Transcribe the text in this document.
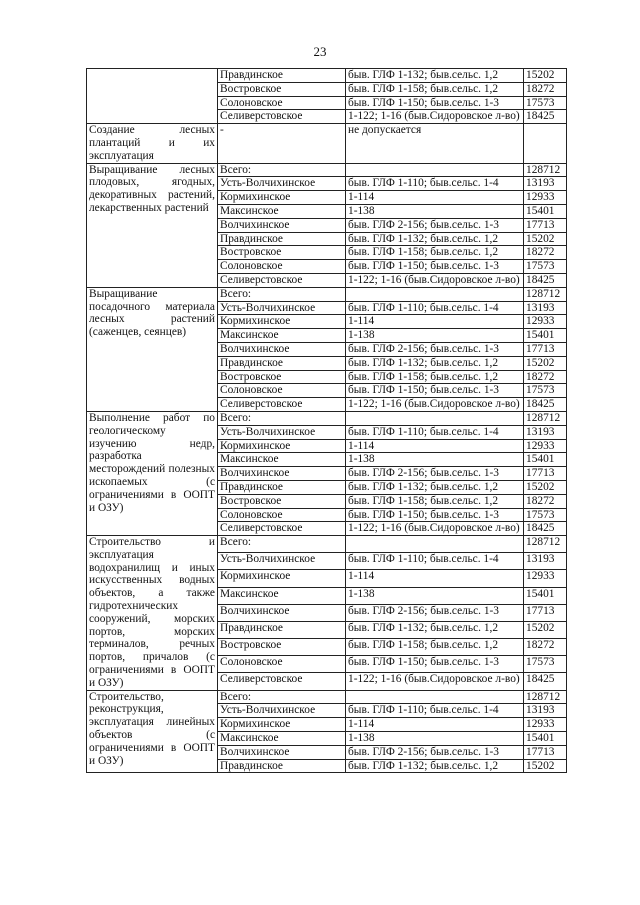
23
	Правдинское	быв. ГЛФ 1-132; быв.сельс. 1,2	15202
	Востровское	быв. ГЛФ 1-158; быв.сельс. 1,2	18272
	Солоновское	быв. ГЛФ 1-150; быв.сельс. 1-3	17573
	Селиверстовское	1-122; 1-16 (быв.Сидоровское л-во)	18425
Создание лесных плантаций и их эксплуатация	-	не допускается	
Выращивание лесных плодовых, ягодных, декоративных растений, лекарственных растений	Всего:		128712
	Усть-Волчихинское	быв. ГЛФ 1-110; быв.сельс. 1-4	13193
	Кормихинское	1-114	12933
	Максинское	1-138	15401
	Волчихинское	быв. ГЛФ 2-156; быв.сельс. 1-3	17713
	Правдинское	быв. ГЛФ 1-132; быв.сельс. 1,2	15202
	Востровское	быв. ГЛФ 1-158; быв.сельс. 1,2	18272
	Солоновское	быв. ГЛФ 1-150; быв.сельс. 1-3	17573
	Селиверстовское	1-122; 1-16 (быв.Сидоровское л-во)	18425
Выращивание посадочного материала лесных растений (саженцев, сеянцев)	Всего:		128712
	Усть-Волчихинское	быв. ГЛФ 1-110; быв.сельс. 1-4	13193
	Кормихинское	1-114	12933
	Максинское	1-138	15401
	Волчихинское	быв. ГЛФ 2-156; быв.сельс. 1-3	17713
	Правдинское	быв. ГЛФ 1-132; быв.сельс. 1,2	15202
	Востровское	быв. ГЛФ 1-158; быв.сельс. 1,2	18272
	Солоновское	быв. ГЛФ 1-150; быв.сельс. 1-3	17573
	Селиверстовское	1-122; 1-16 (быв.Сидоровское л-во)	18425
Выполнение работ по геологическому изучению недр, разработка месторождений полезных ископаемых (с ограничениями в ООПТ и ОЗУ)	Всего:		128712
	Усть-Волчихинское	быв. ГЛФ 1-110; быв.сельс. 1-4	13193
	Кормихинское	1-114	12933
	Максинское	1-138	15401
	Волчихинское	быв. ГЛФ 2-156; быв.сельс. 1-3	17713
	Правдинское	быв. ГЛФ 1-132; быв.сельс. 1,2	15202
	Востровское	быв. ГЛФ 1-158; быв.сельс. 1,2	18272
	Солоновское	быв. ГЛФ 1-150; быв.сельс. 1-3	17573
	Селиверстовское	1-122; 1-16 (быв.Сидоровское л-во)	18425
Строительство и эксплуатация водохранилищ и иных искусственных водных объектов, а также гидротехнических сооружений, морских портов, морских терминалов, речных портов, причалов (с ограничениями в ООПТ и ОЗУ)	Всего:		128712
	Усть-Волчихинское	быв. ГЛФ 1-110; быв.сельс. 1-4	13193
	Кормихинское	1-114	12933
	Максинское	1-138	15401
	Волчихинское	быв. ГЛФ 2-156; быв.сельс. 1-3	17713
	Правдинское	быв. ГЛФ 1-132; быв.сельс. 1,2	15202
	Востровское	быв. ГЛФ 1-158; быв.сельс. 1,2	18272
	Солоновское	быв. ГЛФ 1-150; быв.сельс. 1-3	17573
	Селиверстовское	1-122; 1-16 (быв.Сидоровское л-во)	18425
Строительство, реконструкция, эксплуатация линейных объектов (с ограничениями в ООПТ и ОЗУ)	Всего:		128712
	Усть-Волчихинское	быв. ГЛФ 1-110; быв.сельс. 1-4	13193
	Кормихинское	1-114	12933
	Максинское	1-138	15401
	Волчихинское	быв. ГЛФ 2-156; быв.сельс. 1-3	17713
	Правдинское	быв. ГЛФ 1-132; быв.сельс. 1,2	15202
